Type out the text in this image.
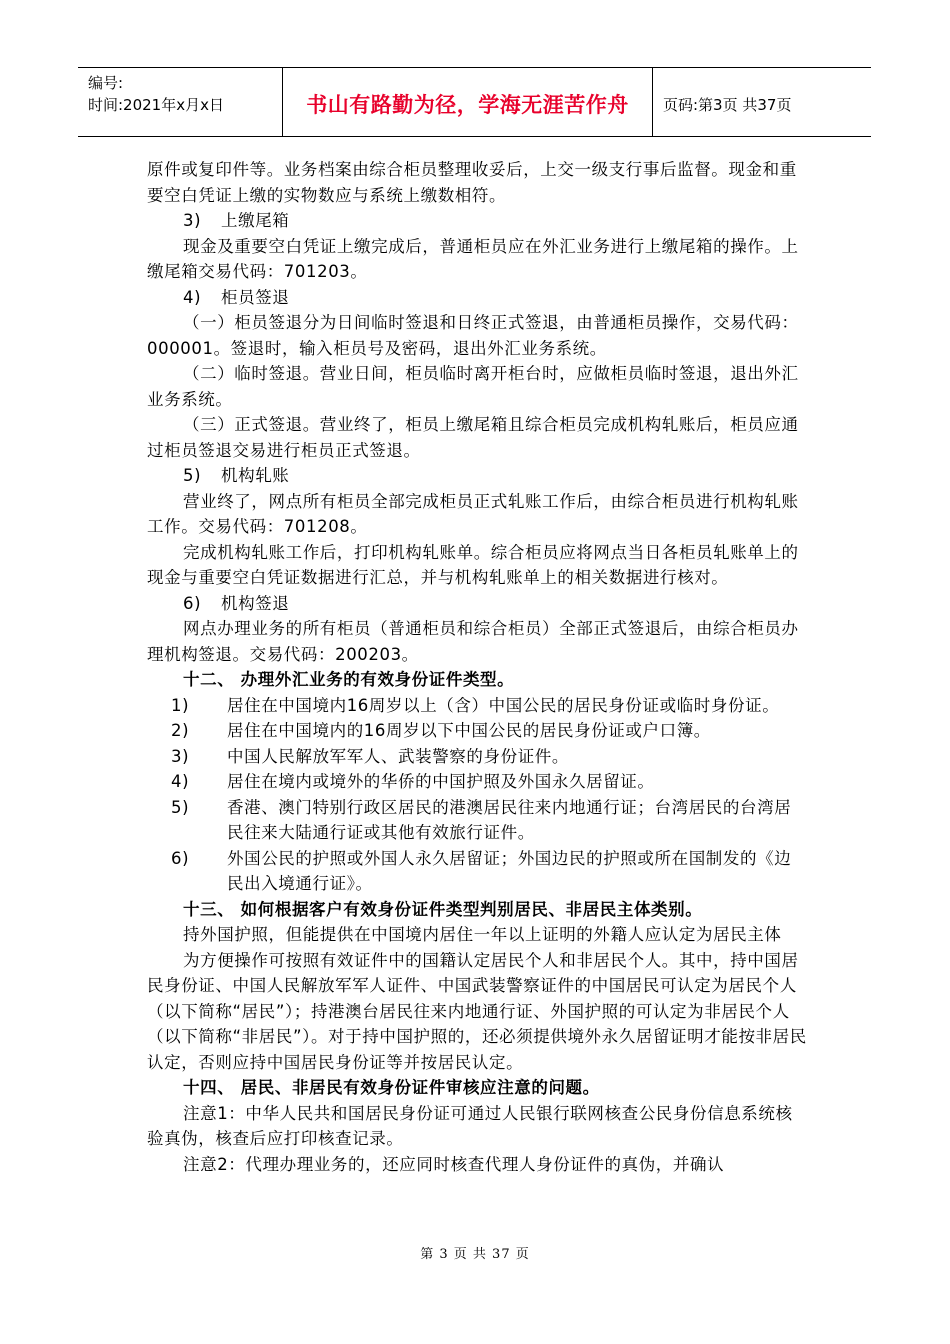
编号:
时间:2021年x月x日	书山有路勤为径，学海无涯苦作舟 页码:第3页 共37页

原件或复印件等。业务档案由综合柜员整理收妥后，上交一级支行事后监督。现金和重要空白凭证上缴的实物数应与系统上缴数相符。

3) 上缴尾箱

现金及重要空白凭证上缴完成后，普通柜员应在外汇业务进行上缴尾箱的操作。上缴尾箱交易代码：701203。

4) 柜员签退

（一）柜员签退分为日间临时签退和日终正式签退，由普通柜员操作，交易代码：000001。签退时，输入柜员号及密码，退出外汇业务系统。

（二）临时签退。营业日间，柜员临时离开柜台时，应做柜员临时签退，退出外汇业务系统。

（三）正式签退。营业终了，柜员上缴尾箱且综合柜员完成机构轧账后，柜员应通过柜员签退交易进行柜员正式签退。

5) 机构轧账

营业终了，网点所有柜员全部完成柜员正式轧账工作后，由综合柜员进行机构轧账工作。交易代码：701208。

完成机构轧账工作后，打印机构轧账单。综合柜员应将网点当日各柜员轧账单上的现金与重要空白凭证数据进行汇总，并与机构轧账单上的相关数据进行核对。

6) 机构签退

网点办理业务的所有柜员（普通柜员和综合柜员）全部正式签退后，由综合柜员办理机构签退。交易代码：200203。

十二、 办理外汇业务的有效身份证件类型。

1) 居住在中国境内16周岁以上（含）中国公民的居民身份证或临时身份证。

2) 居住在中国境内的16周岁以下中国公民的居民身份证或户口簿。

3) 中国人民解放军军人、武装警察的身份证件。

4) 居住在境内或境外的华侨的中国护照及外国永久居留证。

5) 香港、澳门特别行政区居民的港澳居民往来内地通行证；台湾居民的台湾居民往来大陆通行证或其他有效旅行证件。

6) 外国公民的护照或外国人永久居留证；外国边民的护照或所在国制发的《边民出入境通行证》。

十三、 如何根据客户有效身份证件类型判别居民、非居民主体类别。

持外国护照，但能提供在中国境内居住一年以上证明的外籍人应认定为居民主体

为方便操作可按照有效证件中的国籍认定居民个人和非居民个人。其中，持中国居民身份证、中国人民解放军军人证件、中国武装警察证件的中国居民可认定为居民个人（以下简称“居民”）；持港澳台居民往来内地通行证、外国护照的可认定为非居民个人（以下简称“非居民”）。对于持中国护照的，还必须提供境外永久居留证明才能按非居民认定，否则应持中国居民身份证等并按居民认定。

十四、 居民、非居民有效身份证件审核应注意的问题。

注意1：中华人民共和国居民身份证可通过人民银行联网核查公民身份信息系统核验真伪，核查后应打印核查记录。

注意2：代理办理业务的，还应同时核查代理人身份证件的真伪，并确认

第 3 页 共 37 页
